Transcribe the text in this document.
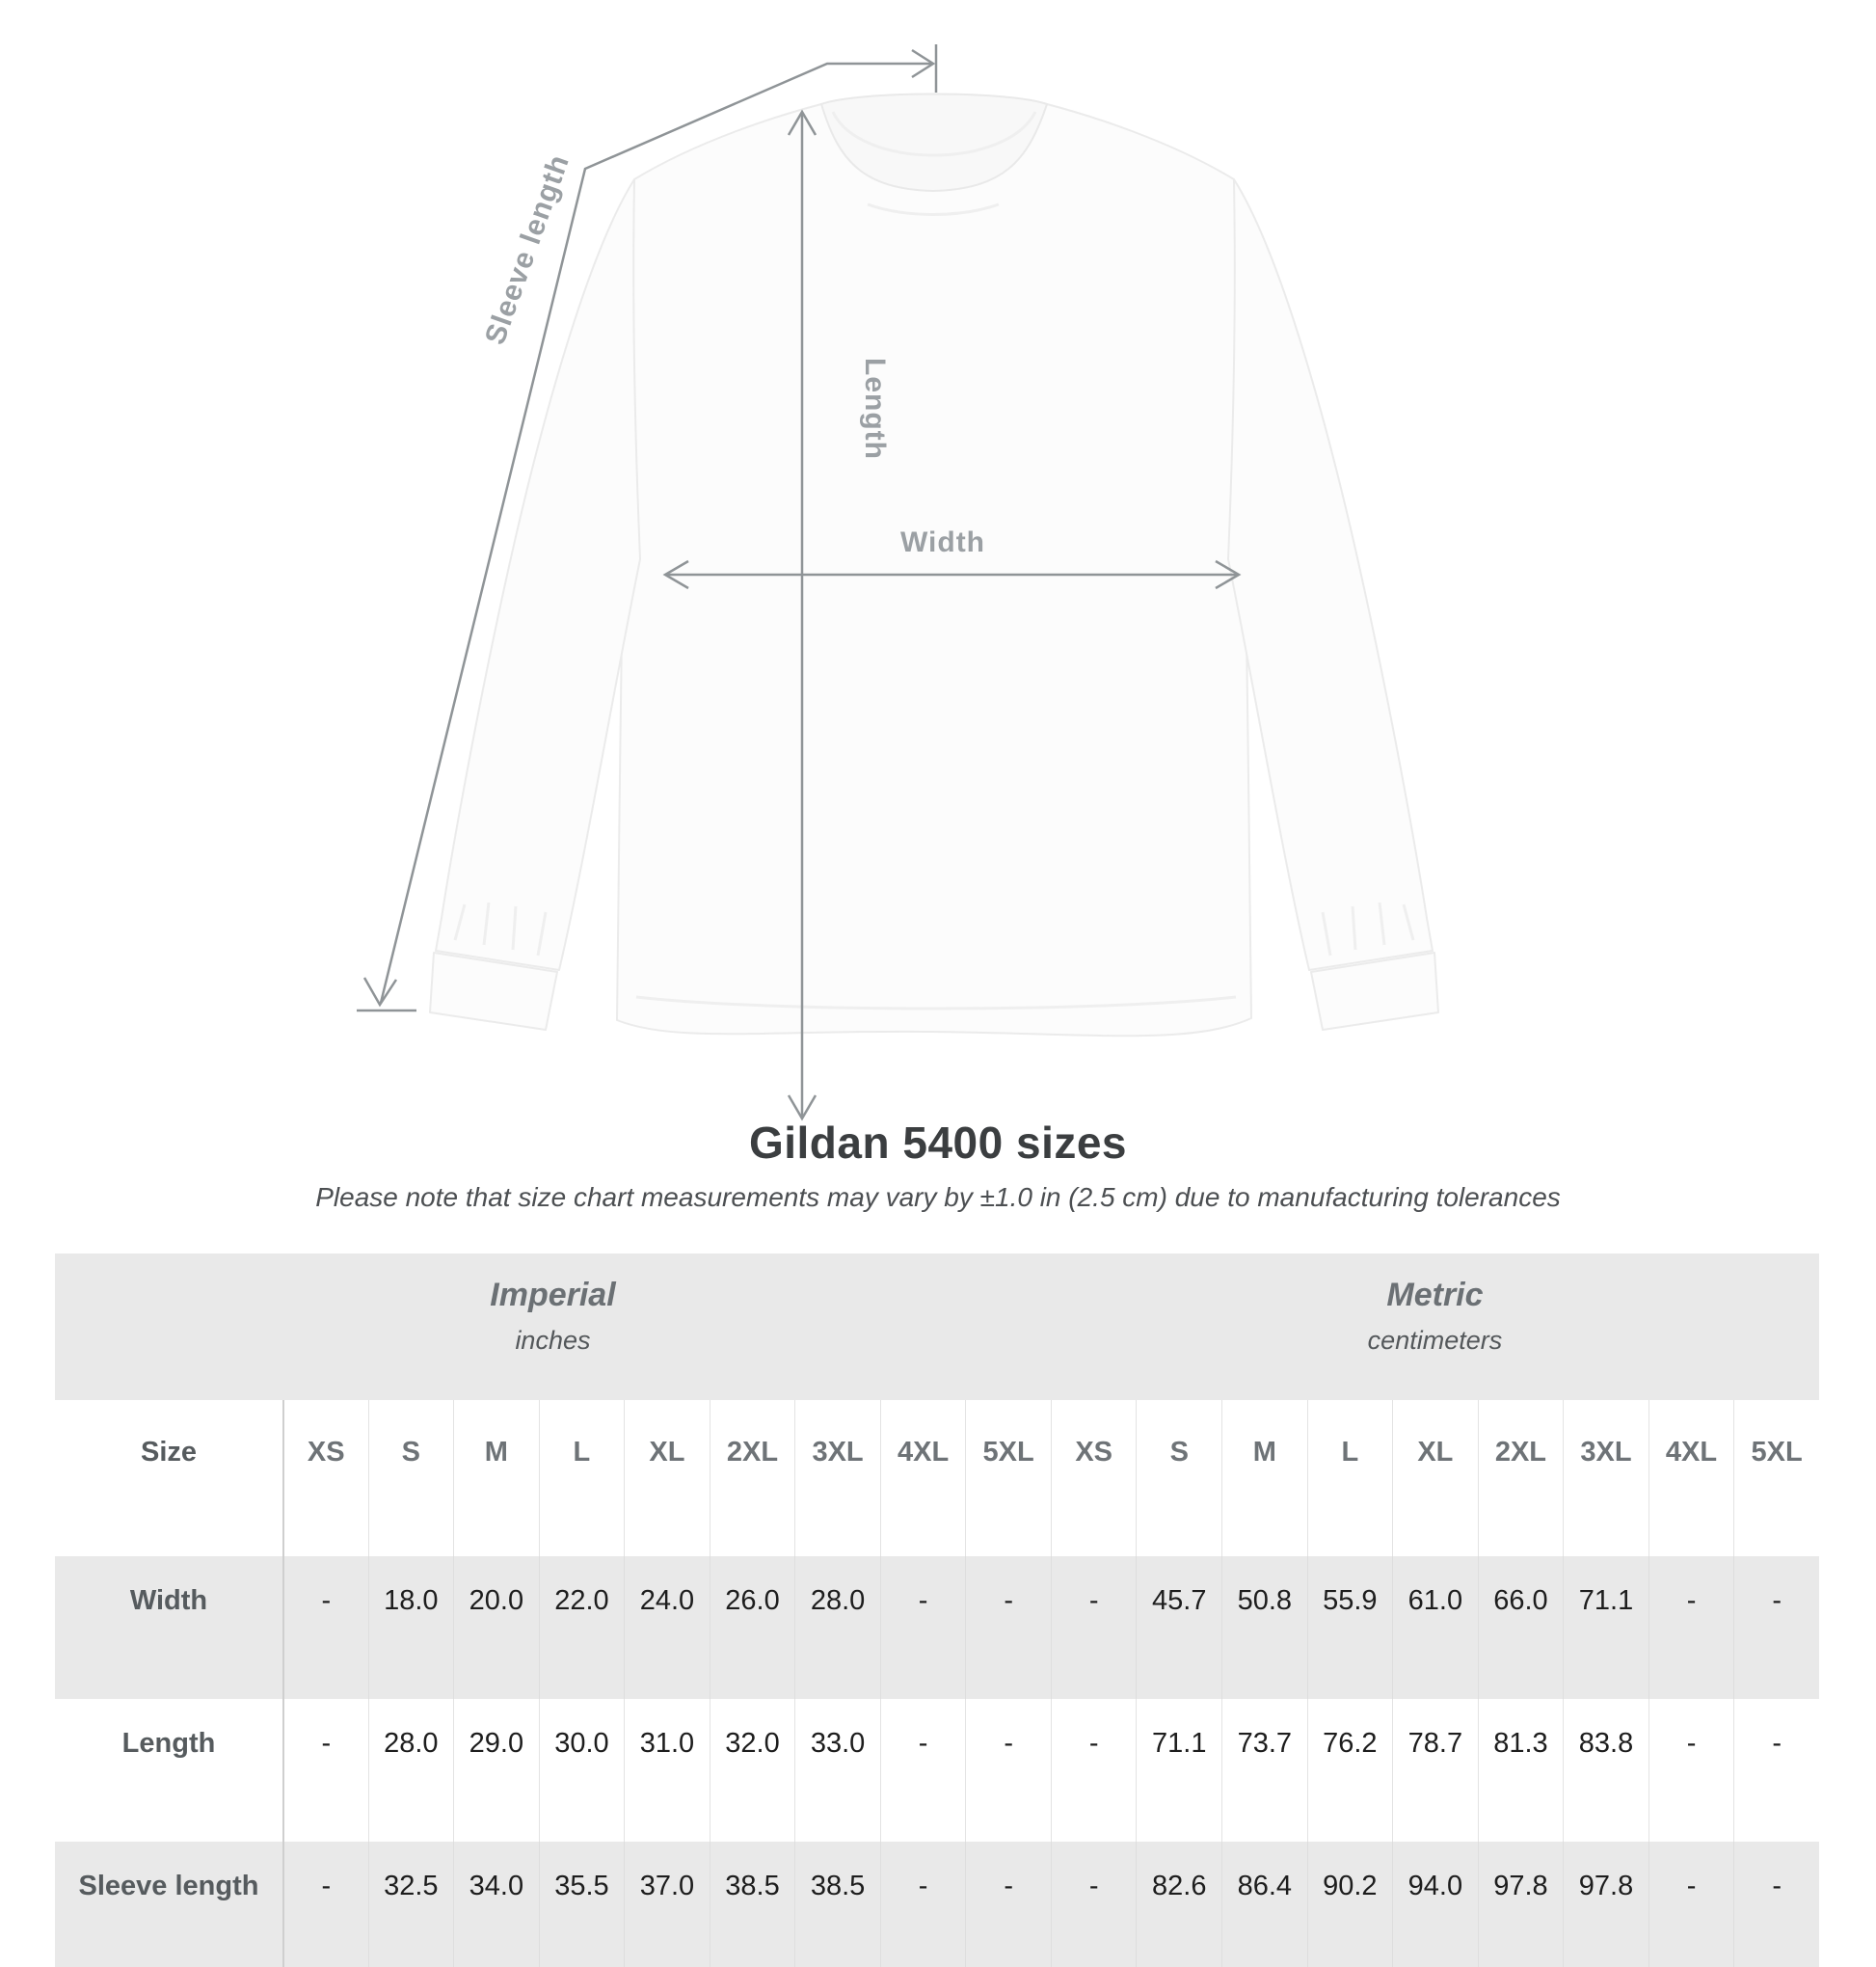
Sleeve length
Length
Width
Gildan 5400 sizes
Please note that size chart measurements may vary by ±1.0 in (2.5 cm) due to manufacturing tolerances
Imperial
inches

Metric
centimeters

Size	XS	S	M	L	XL	2XL	3XL	4XL	5XL	XS	S	M	L	XL	2XL	3XL	4XL	5XL
Width	-	18.0	20.0	22.0	24.0	26.0	28.0	-	-	-	45.7	50.8	55.9	61.0	66.0	71.1	-	-
Length	-	28.0	29.0	30.0	31.0	32.0	33.0	-	-	-	71.1	73.7	76.2	78.7	81.3	83.8	-	-
Sleeve length	-	32.5	34.0	35.5	37.0	38.5	38.5	-	-	-	82.6	86.4	90.2	94.0	97.8	97.8	-	-
